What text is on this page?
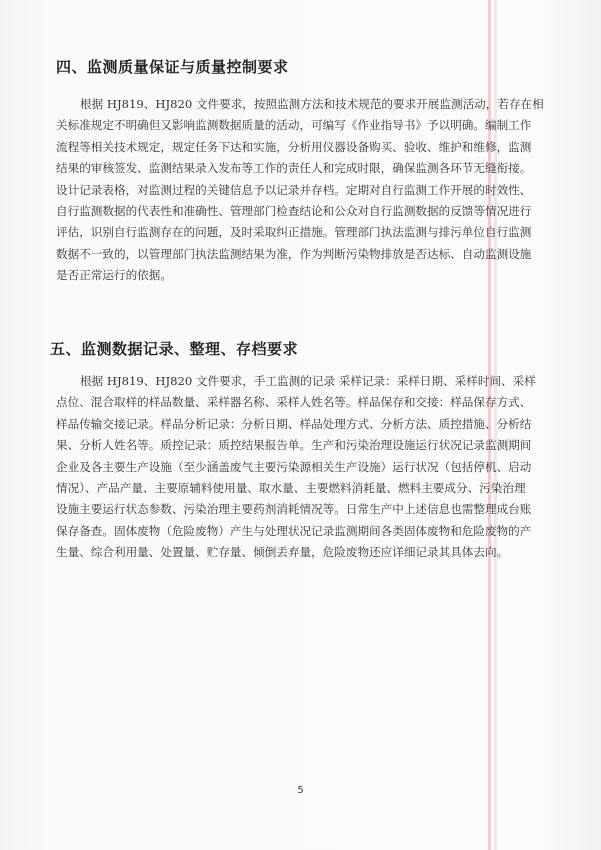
四、监测质量保证与质量控制要求
根据 HJ819、HJ820 文件要求，按照监测方法和技术规范的要求开展监测活动，若存在相
关标准规定不明确但又影响监测数据质量的活动，可编写《作业指导书》予以明确。编制工作
流程等相关技术规定，规定任务下达和实施，分析用仪器设备购买、验收、维护和维修，监测
结果的审核签发、监测结果录入发布等工作的责任人和完成时限，确保监测各环节无缝衔接。
设计记录表格，对监测过程的关键信息予以记录并存档。定期对自行监测工作开展的时效性、
自行监测数据的代表性和准确性、管理部门检查结论和公众对自行监测数据的反馈等情况进行
评估，识别自行监测存在的问题，及时采取纠正措施。管理部门执法监测与排污单位自行监测
数据不一致的，以管理部门执法监测结果为准，作为判断污染物排放是否达标、自动监测设施
是否正常运行的依据。
五、监测数据记录、整理、存档要求
根据 HJ819、HJ820 文件要求，手工监测的记录 采样记录：采样日期、采样时间、采样
点位、混合取样的样品数量、采样器名称、采样人姓名等。样品保存和交接：样品保存方式、
样品传输交接记录。样品分析记录：分析日期、样品处理方式、分析方法、质控措施、分析结
果、分析人姓名等。质控记录：质控结果报告单。生产和污染治理设施运行状况记录监测期间
企业及各主要生产设施（至少涵盖废气主要污染源相关生产设施）运行状况（包括停机、启动
情况）、产品产量、主要原辅料使用量、取水量、主要燃料消耗量、燃料主要成分、污染治理
设施主要运行状态参数、污染治理主要药剂消耗情况等。日常生产中上述信息也需整理成台账
保存备查。固体废物（危险废物）产生与处理状况记录监测期间各类固体废物和危险废物的产
生量、综合利用量、处置量、贮存量、倾倒丢弃量，危险废物还应详细记录其具体去向。
5
